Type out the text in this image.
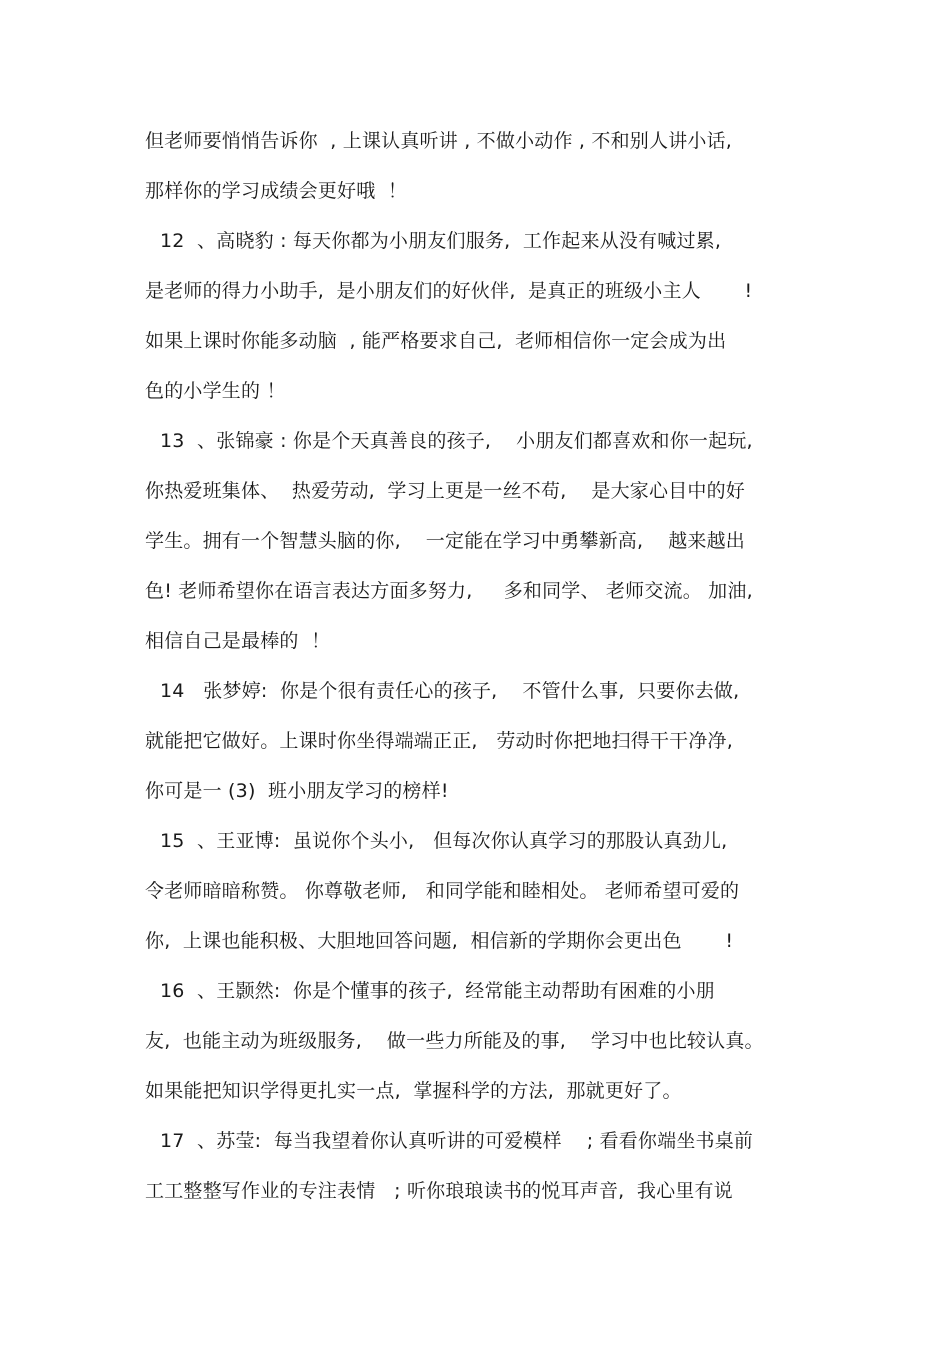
但老师要悄悄告诉你  , 上课认真听讲 , 不做小动作 , 不和别人讲小话,
那样你的学习成绩会更好哦  ！
12  、高晓豹 : 每天你都为小朋友们服务,  工作起来从没有喊过累,
是老师的得力小助手,  是小朋友们的好伙伴,  是真正的班级小主人       !
如果上课时你能多动脑  , 能严格要求自己,  老师相信你一定会成为出
色的小学生的 ！
13  、张锦豪 : 你是个天真善良的孩子,    小朋友们都喜欢和你一起玩,
你热爱班集体、  热爱劳动,  学习上更是一丝不苟,    是大家心目中的好
学生。拥有一个智慧头脑的你,    一定能在学习中勇攀新高,    越来越出
色! 老师希望你在语言表达方面多努力,     多和同学、 老师交流。 加油,
相信自己是最棒的  ！
14   张梦婷:  你是个很有责任心的孩子,    不管什么事,  只要你去做,
就能把它做好。上课时你坐得端端正正,   劳动时你把地扫得干干净净,
你可是一 (3)  班小朋友学习的榜样!
15  、王亚博:  虽说你个头小,   但每次你认真学习的那股认真劲儿,
令老师暗暗称赞。 你尊敬老师,   和同学能和睦相处。 老师希望可爱的
你,  上课也能积极、大胆地回答问题,  相信新的学期你会更出色       !
16  、王颢然:  你是个懂事的孩子,  经常能主动帮助有困难的小朋
友,  也能主动为班级服务,    做一些力所能及的事,    学习中也比较认真。
如果能把知识学得更扎实一点,  掌握科学的方法,  那就更好了。
17  、苏莹:  每当我望着你认真听讲的可爱模样    ; 看看你端坐书桌前
工工整整写作业的专注表情   ; 听你琅琅读书的悦耳声音,  我心里有说
